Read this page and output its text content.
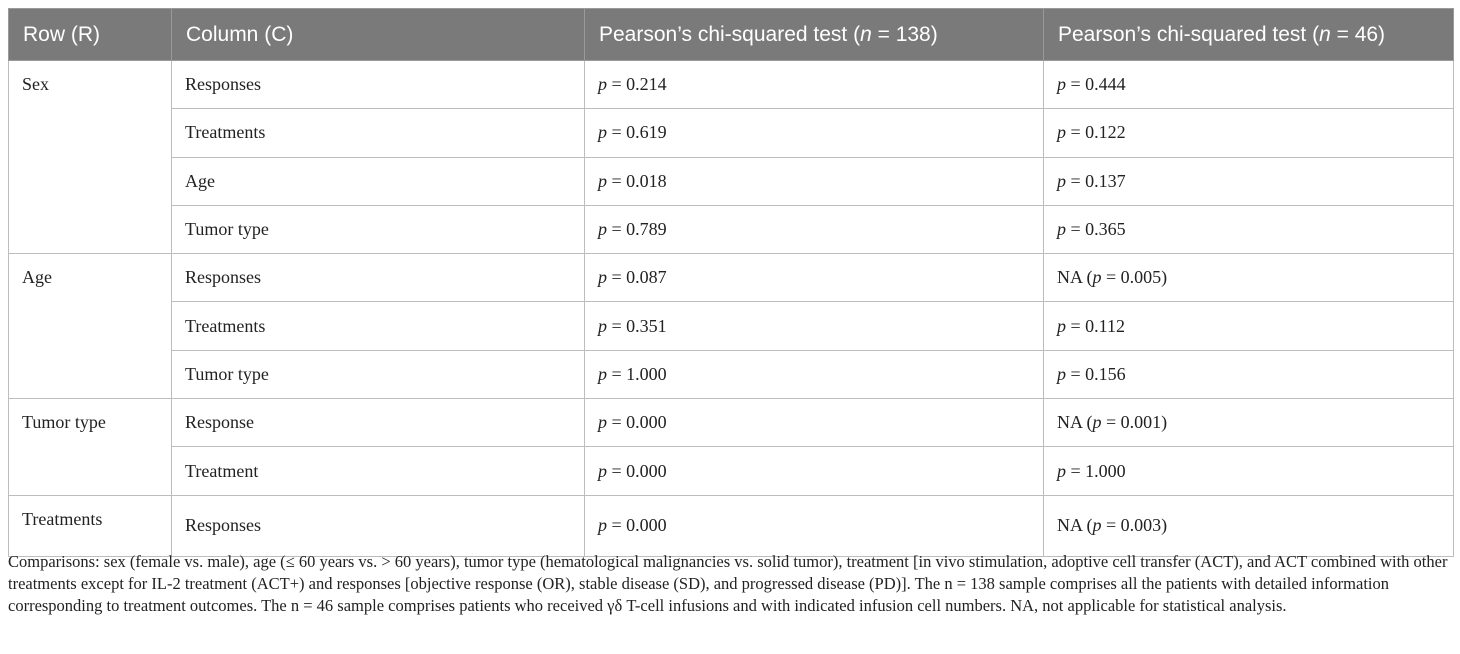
Row (R)	Column (C)	Pearson’s chi-squared test (n = 138)	Pearson’s chi-squared test (n = 46)
Sex	Responses	p = 0.214	p = 0.444
	Treatments	p = 0.619	p = 0.122
	Age	p = 0.018	p = 0.137
	Tumor type	p = 0.789	p = 0.365
Age	Responses	p = 0.087	NA (p = 0.005)
	Treatments	p = 0.351	p = 0.112
	Tumor type	p = 1.000	p = 0.156
Tumor type	Response	p = 0.000	NA (p = 0.001)
	Treatment	p = 0.000	p = 1.000
Treatments	Responses	p = 0.000	NA (p = 0.003)
Comparisons: sex (female vs. male), age (≤ 60 years vs. > 60 years), tumor type (hematological malignancies vs. solid tumor), treatment [in vivo stimulation, adoptive cell transfer (ACT), and ACT combined with other treatments except for IL-2 treatment (ACT+) and responses [objective response (OR), stable disease (SD), and progressed disease (PD)]. The n = 138 sample comprises all the patients with detailed information corresponding to treatment outcomes. The n = 46 sample comprises patients who received γδ T-cell infusions and with indicated infusion cell numbers. NA, not applicable for statistical analysis.
